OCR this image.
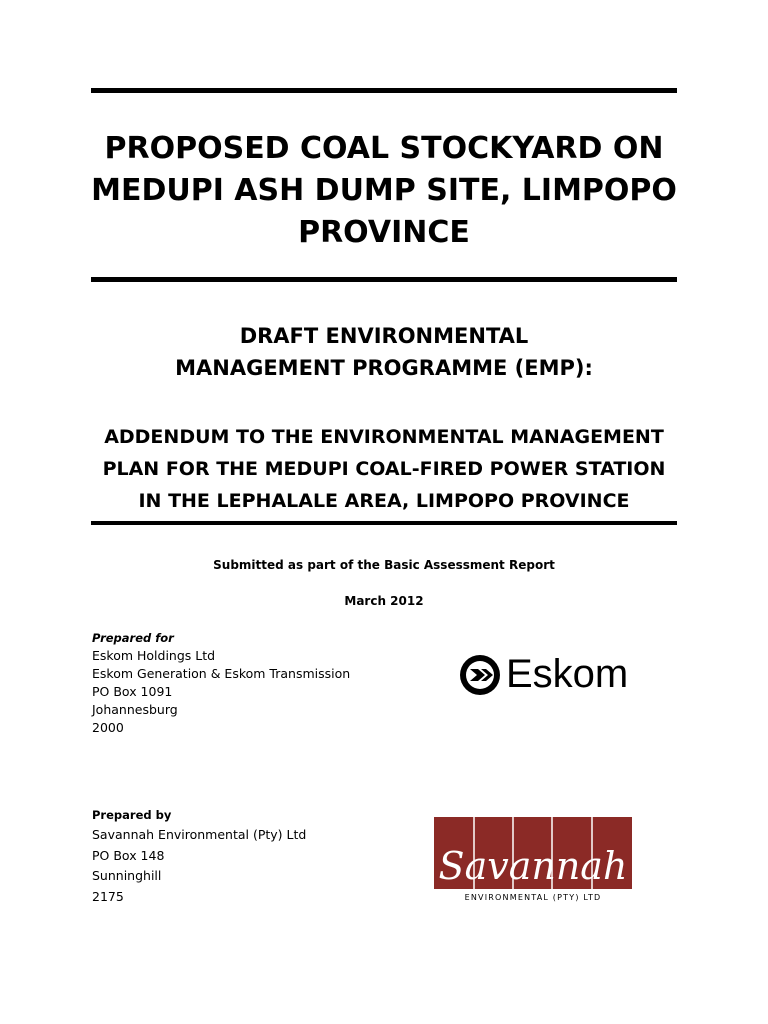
PROPOSED COAL STOCKYARD ON
MEDUPI ASH DUMP SITE, LIMPOPO
PROVINCE
DRAFT ENVIRONMENTAL
MANAGEMENT PROGRAMME (EMP):
ADDENDUM TO THE ENVIRONMENTAL MANAGEMENT
PLAN FOR THE MEDUPI COAL-FIRED POWER STATION
IN THE LEPHALALE AREA, LIMPOPO PROVINCE
Submitted as part of the Basic Assessment Report
March 2012
Prepared for
Eskom Holdings Ltd
Eskom Generation & Eskom Transmission
PO Box 1091
Johannesburg
2000
Eskom
Prepared by
Savannah Environmental (Pty) Ltd
PO Box 148
Sunninghill
2175
Savannah
ENVIRONMENTAL (PTY) LTD
